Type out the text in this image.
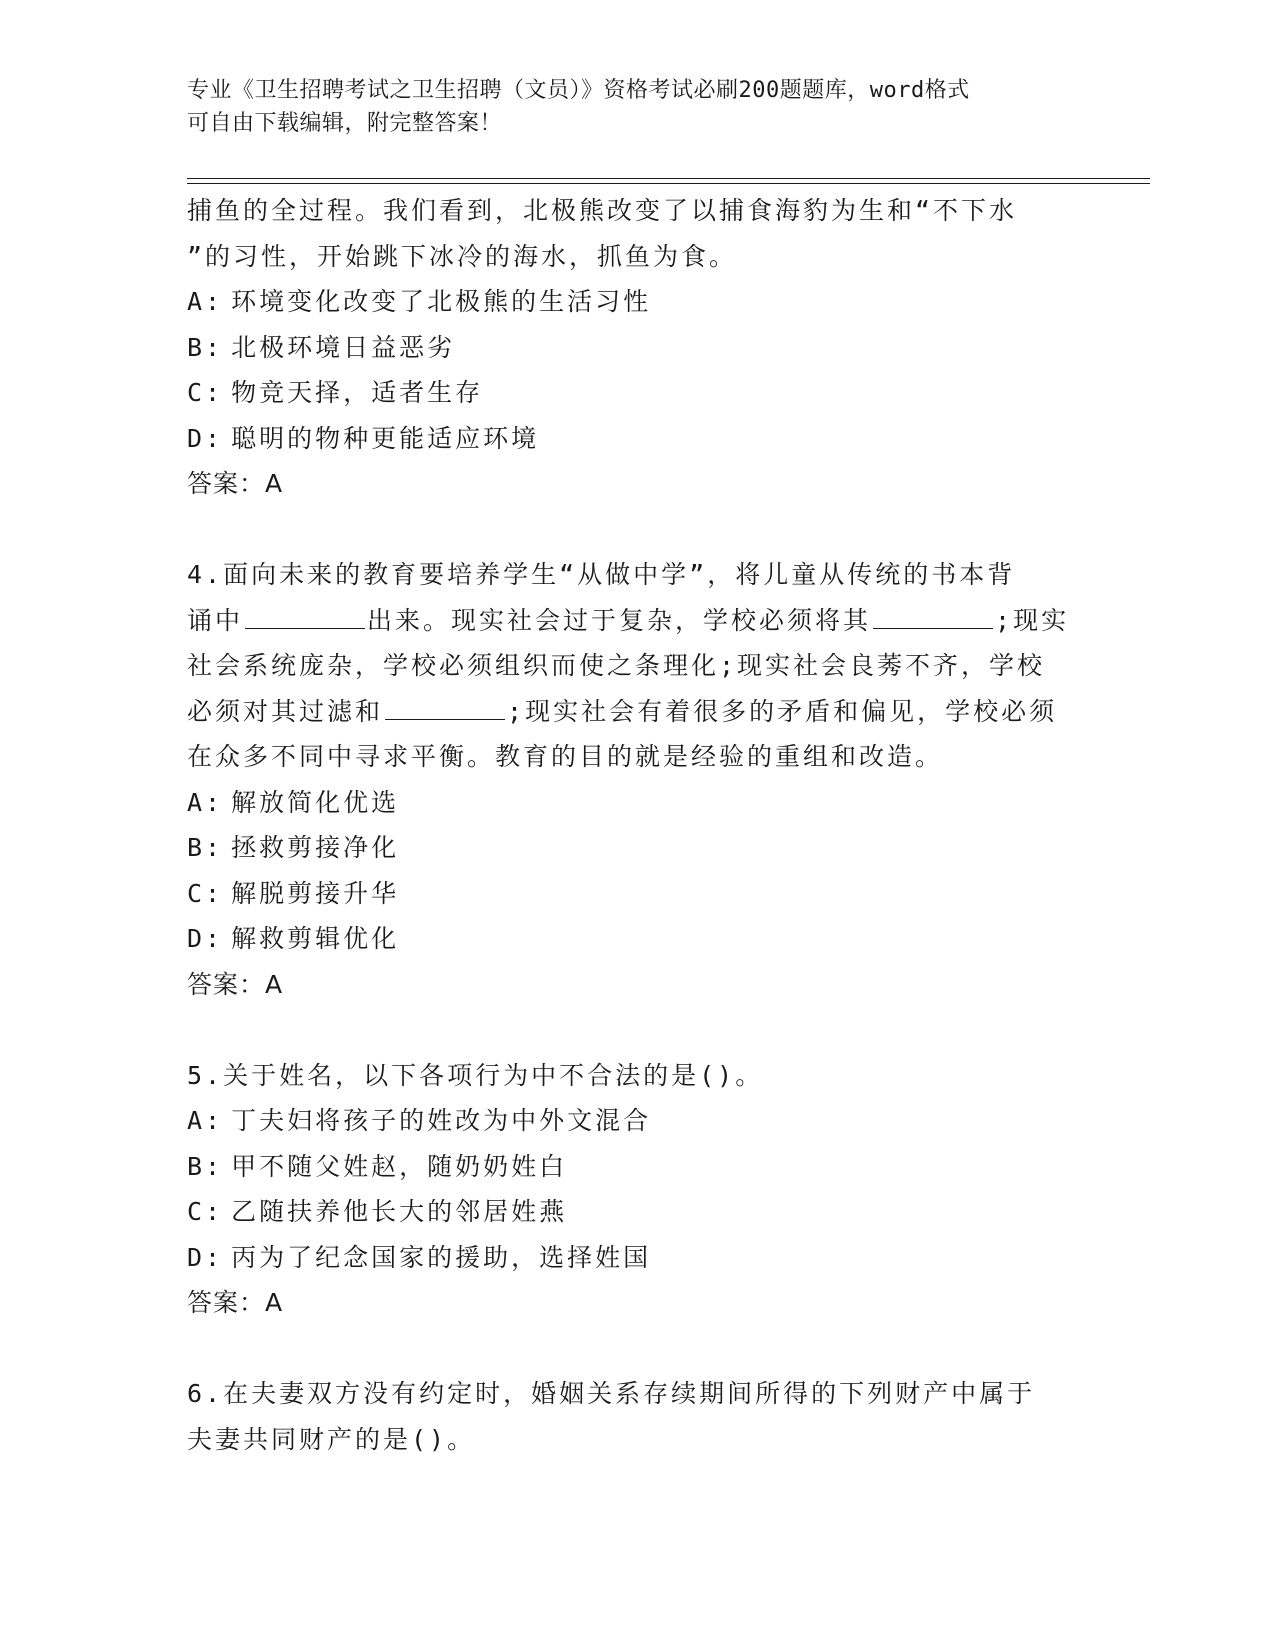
专业《卫生招聘考试之卫生招聘（文员）》资格考试必刷200题题库，word格式
可自由下载编辑，附完整答案！
捕鱼的全过程。我们看到，北极熊改变了以捕食海豹为生和“不下水
”的习性，开始跳下冰冷的海水，抓鱼为食。
A: 环境变化改变了北极熊的生活习性
B: 北极环境日益恶劣
C: 物竞天择，适者生存
D: 聪明的物种更能适应环境
答案：A
4.面向未来的教育要培养学生“从做中学”，将儿童从传统的书本背
诵中	出来。现实社会过于复杂，学校必须将其	;现实
社会系统庞杂，学校必须组织而使之条理化;现实社会良莠不齐，学校
必须对其过滤和	;现实社会有着很多的矛盾和偏见，学校必须
在众多不同中寻求平衡。教育的目的就是经验的重组和改造。
A: 解放简化优选
B: 拯救剪接净化
C: 解脱剪接升华
D: 解救剪辑优化
答案：A
5.关于姓名，以下各项行为中不合法的是()。
A: 丁夫妇将孩子的姓改为中外文混合
B: 甲不随父姓赵，随奶奶姓白
C: 乙随扶养他长大的邻居姓燕
D: 丙为了纪念国家的援助，选择姓国
答案：A
6.在夫妻双方没有约定时，婚姻关系存续期间所得的下列财产中属于
夫妻共同财产的是()。
